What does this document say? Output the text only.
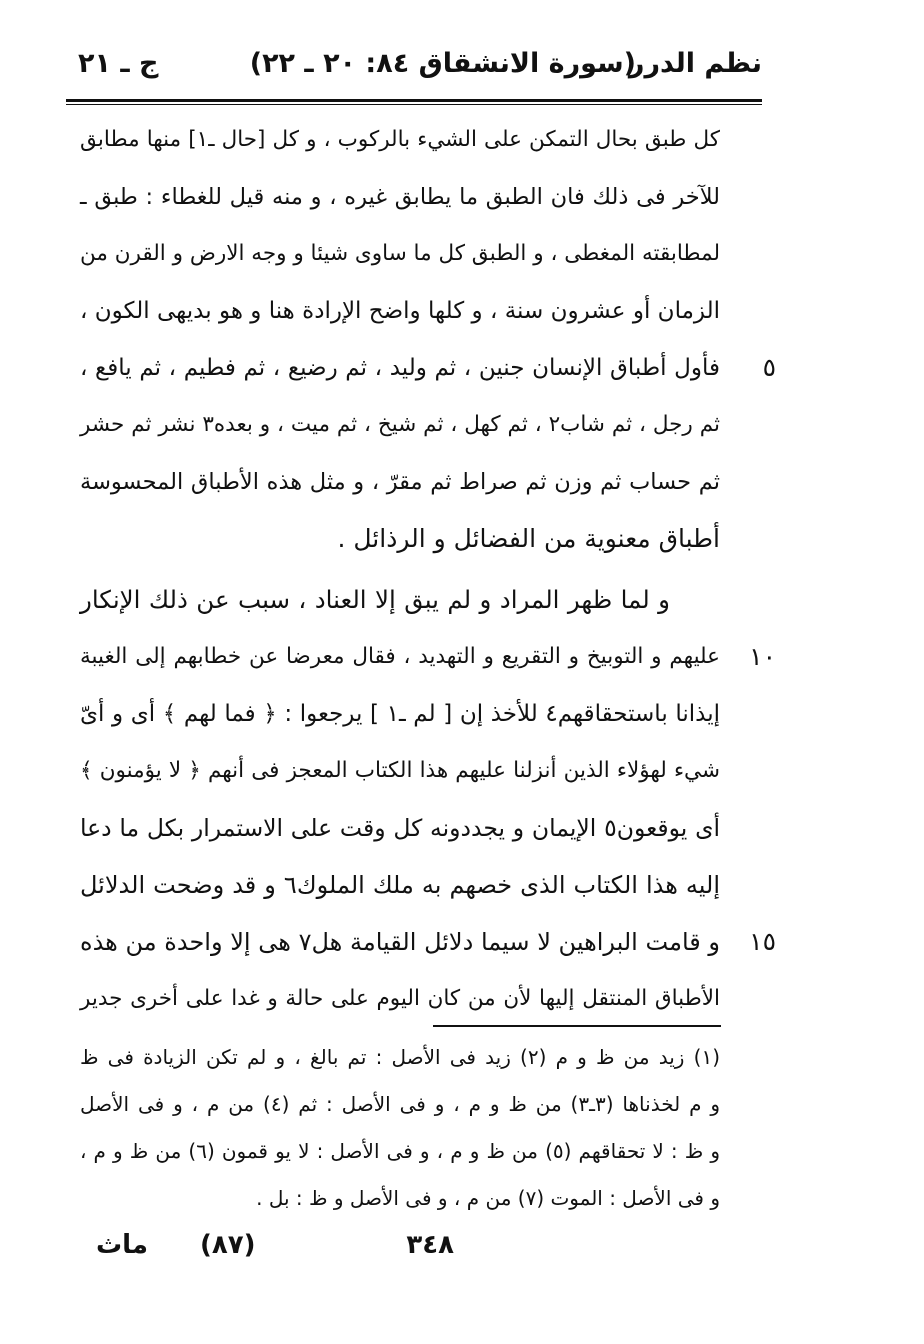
نظم الدرر
(سورة الانشقاق ٨٤: ٢٠ ـ ٢٢)
ج ـ ٢١
كل طبق بحال التمكن على الشيء بالركوب ، و كل [حال ـ١] منها مطابق
للآخر فى ذلك فان الطبق ما يطابق غيره ، و منه قيل للغطاء : طبق ـ
لمطابقته المغطى ، و الطبق كل ما ساوى شيئا و وجه الارض و القرن من
الزمان أو عشرون سنة ، و كلها واضح الإرادة هنا و هو بديهى الكون ،
٥
فأول أطباق الإنسان جنين ، ثم وليد ، ثم رضيع ، ثم فطيم ، ثم يافع ،
ثم رجل ، ثم شاب٢ ، ثم كهل ، ثم شيخ ، ثم ميت ، و بعده٣ نشر ثم حشر
ثم حساب ثم وزن ثم صراط ثم مقرّ ، و مثل هذه الأطباق المحسوسة
أطباق معنوية من الفضائل و الرذائل .
و لما ظهر المراد و لم يبق إلا العناد ، سبب عن ذلك الإنكار
١٠
عليهم و التوبيخ و التقريع و التهديد ، فقال معرضا عن خطابهم إلى الغيبة
إيذانا باستحقاقهم٤ للأخذ إن [ لم ـ١ ] يرجعوا : ﴿ فما لهم ﴾ أى و أىّ
شيء لهؤلاء الذين أنزلنا عليهم هذا الكتاب المعجز فى أنهم ﴿ لا يؤمنون ﴾
أى يوقعون٥ الإيمان و يجددونه كل وقت على الاستمرار بكل ما دعا
إليه هذا الكتاب الذى خصهم به ملك الملوك٦ و قد وضحت الدلائل
١٥
و قامت البراهين لا سيما دلائل القيامة هل٧ هى إلا واحدة من هذه
الأطباق المنتقل إليها لأن من كان اليوم على حالة و غدا على أخرى جدير
(١) زيد من ظ و م (٢) زيد فى الأصل : تم بالغ ، و لم تكن الزيادة فى ظ
و م لخذناها (٣ـ٣) من ظ و م ، و فى الأصل : ثم (٤) من م ، و فى الأصل
و ظ : لا تحقاقهم (٥) من ظ و م ، و فى الأصل : لا يو قمون (٦) من ظ و م ،
و فى الأصل : الموت (٧) من م ، و فى الأصل و ظ : بل .
٣٤٨
(٨٧)
ماث
